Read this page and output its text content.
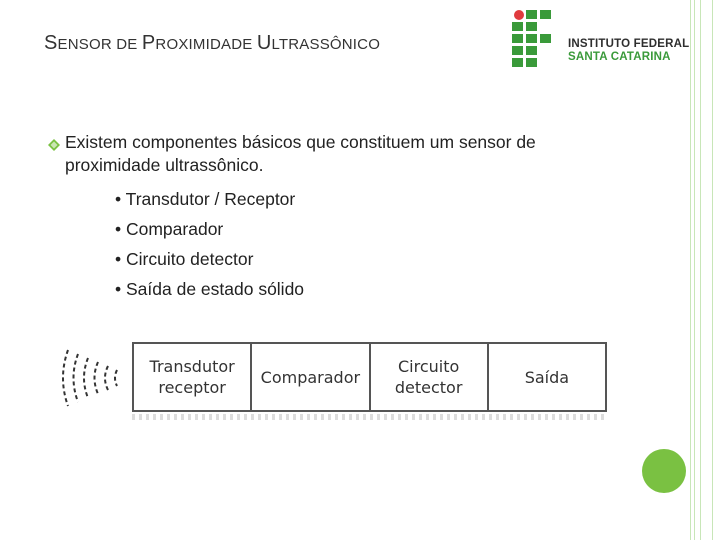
SENSOR DE PROXIMIDADE ULTRASSÔNICO	INSTITUTO FEDERAL
SANTA CATARINA
Existem componentes básicos que constituem um sensor de proximidade ultrassônico.
• Transdutor / Receptor
• Comparador
• Circuito detector
• Saída de estado sólido
Transdutor
receptor
Comparador
Circuito
detector
Saída
